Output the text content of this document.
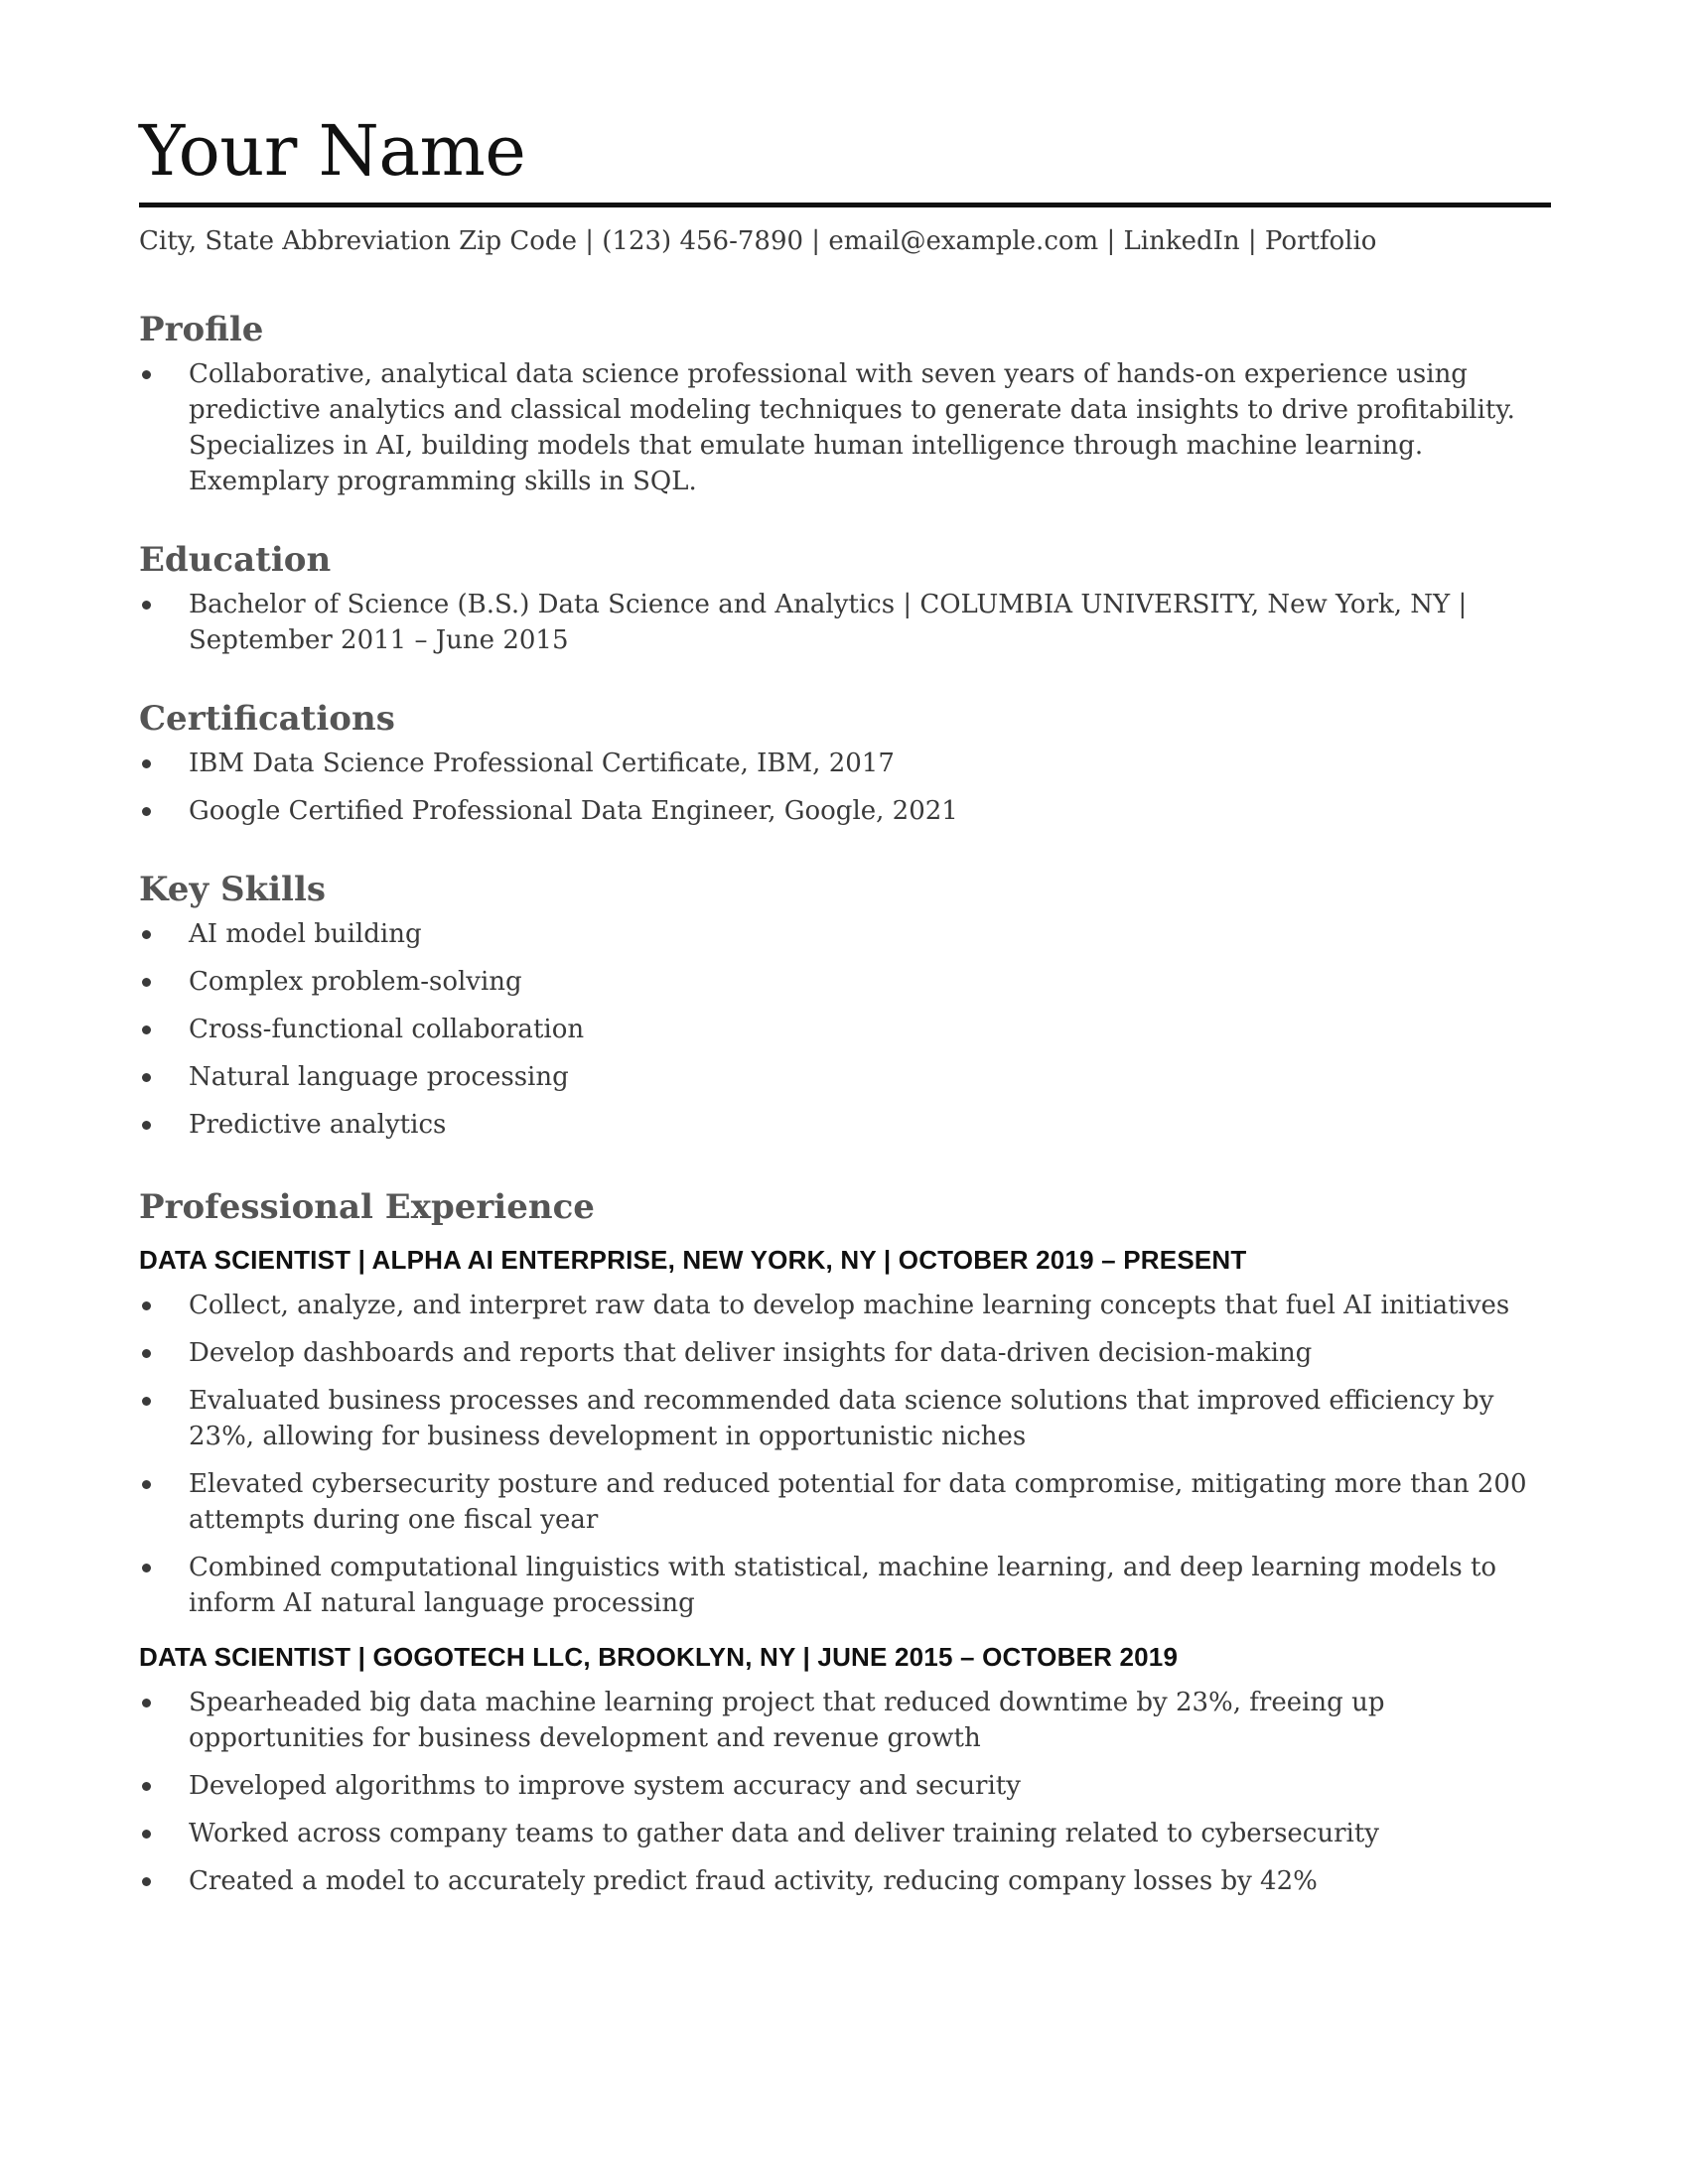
Your Name
City, State Abbreviation Zip Code | (123) 456-7890 | email@example.com | LinkedIn | Portfolio
Profile
Collaborative, analytical data science professional with seven years of hands-on experience using predictive analytics and classical modeling techniques to generate data insights to drive profitability. Specializes in AI, building models that emulate human intelligence through machine learning. Exemplary programming skills in SQL.
Education
Bachelor of Science (B.S.) Data Science and Analytics | COLUMBIA UNIVERSITY, New York, NY | September 2011 – June 2015
Certifications
IBM Data Science Professional Certificate, IBM, 2017
Google Certified Professional Data Engineer, Google, 2021
Key Skills
AI model building
Complex problem-solving
Cross-functional collaboration
Natural language processing
Predictive analytics
Professional Experience
DATA SCIENTIST | ALPHA AI ENTERPRISE, NEW YORK, NY | OCTOBER 2019 – PRESENT
Collect, analyze, and interpret raw data to develop machine learning concepts that fuel AI initiatives
Develop dashboards and reports that deliver insights for data-driven decision-making
Evaluated business processes and recommended data science solutions that improved efficiency by 23%, allowing for business development in opportunistic niches
Elevated cybersecurity posture and reduced potential for data compromise, mitigating more than 200 attempts during one fiscal year
Combined computational linguistics with statistical, machine learning, and deep learning models to inform AI natural language processing
DATA SCIENTIST | GOGOTECH LLC, BROOKLYN, NY | JUNE 2015 – OCTOBER 2019
Spearheaded big data machine learning project that reduced downtime by 23%, freeing up opportunities for business development and revenue growth
Developed algorithms to improve system accuracy and security
Worked across company teams to gather data and deliver training related to cybersecurity
Created a model to accurately predict fraud activity, reducing company losses by 42%
